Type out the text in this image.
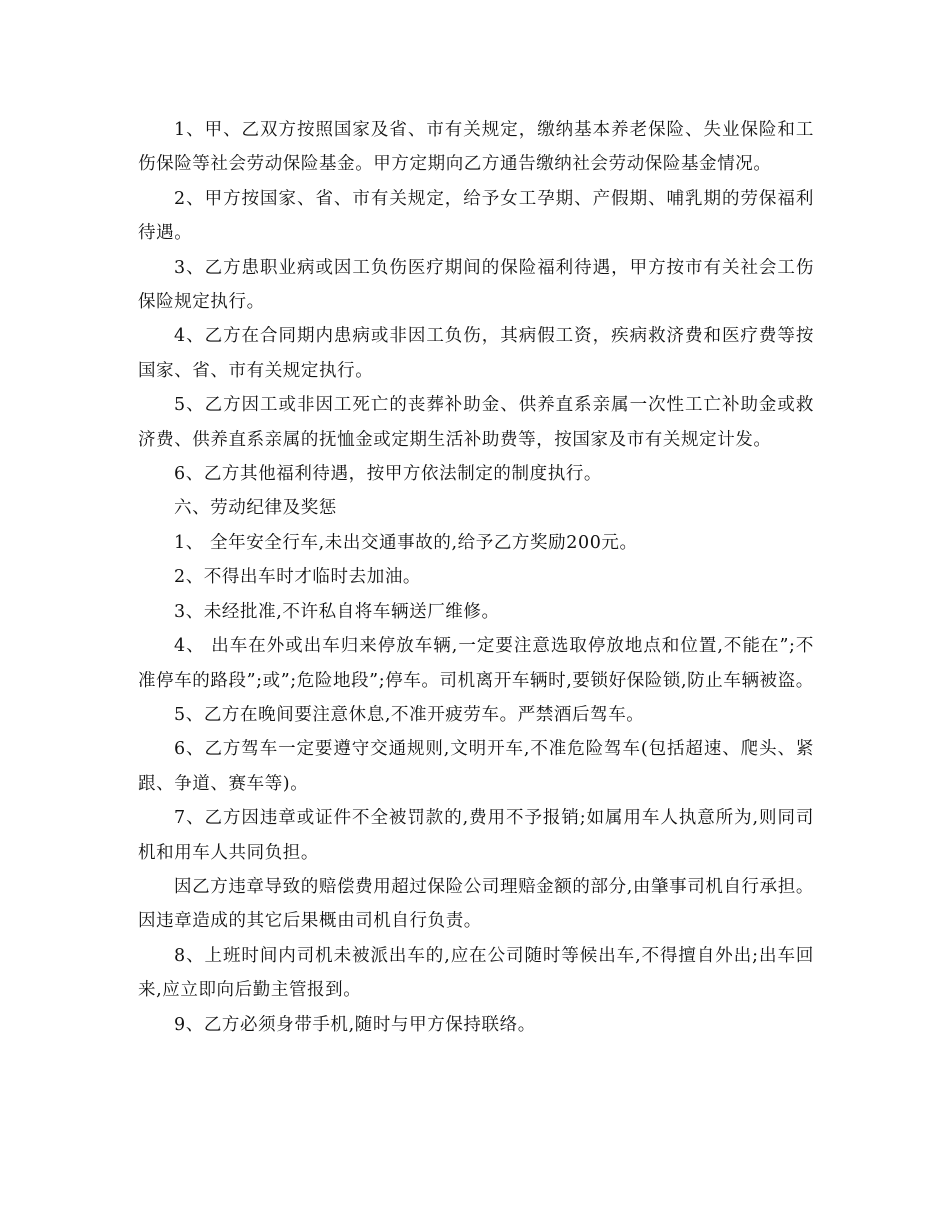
1、甲、乙双方按照国家及省、市有关规定，缴纳基本养老保险、失业保险和工伤保险等社会劳动保险基金。甲方定期向乙方通告缴纳社会劳动保险基金情况。

2、甲方按国家、省、市有关规定，给予女工孕期、产假期、哺乳期的劳保福利待遇。

3、乙方患职业病或因工负伤医疗期间的保险福利待遇，甲方按市有关社会工伤保险规定执行。

4、乙方在合同期内患病或非因工负伤，其病假工资，疾病救济费和医疗费等按国家、省、市有关规定执行。

5、乙方因工或非因工死亡的丧葬补助金、供养直系亲属一次性工亡补助金或救济费、供养直系亲属的抚恤金或定期生活补助费等，按国家及市有关规定计发。

6、乙方其他福利待遇，按甲方依法制定的制度执行。

六、劳动纪律及奖惩

1、 全年安全行车,未出交通事故的,给予乙方奖励200元。

2、不得出车时才临时去加油。

3、未经批准,不许私自将车辆送厂维修。

4、 出车在外或出车归来停放车辆,一定要注意选取停放地点和位置,不能在”;不准停车的路段”;或”;危险地段”;停车。司机离开车辆时,要锁好保险锁,防止车辆被盗。

5、乙方在晚间要注意休息,不准开疲劳车。严禁酒后驾车。

6、乙方驾车一定要遵守交通规则,文明开车,不准危险驾车(包括超速、爬头、紧跟、争道、赛车等)。

7、乙方因违章或证件不全被罚款的,费用不予报销;如属用车人执意所为,则同司机和用车人共同负担。

因乙方违章导致的赔偿费用超过保险公司理赔金额的部分,由肇事司机自行承担。因违章造成的其它后果概由司机自行负责。

8、上班时间内司机未被派出车的,应在公司随时等候出车,不得擅自外出;出车回来,应立即向后勤主管报到。

9、乙方必须身带手机,随时与甲方保持联络。
